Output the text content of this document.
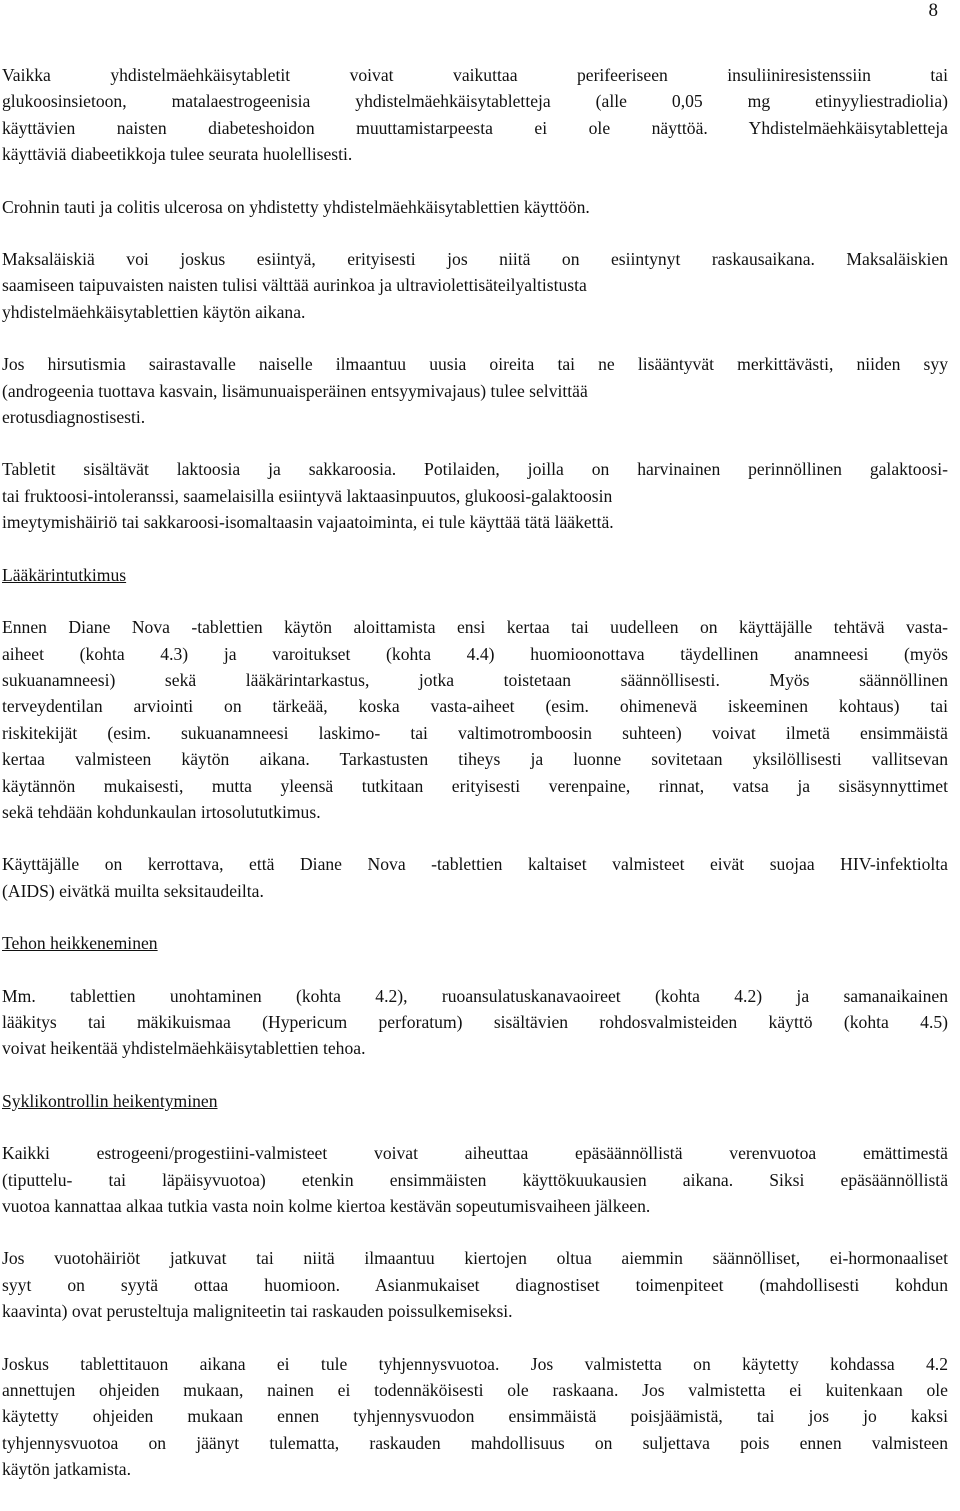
8
Vaikka yhdistelmäehkäisytabletit voivat vaikuttaa perifeeriseen insuliiniresistenssiin tai
glukoosinsietoon, matalaestrogeenisia yhdistelmäehkäisytabletteja (alle 0,05 mg etinyyliestradiolia)
käyttävien naisten diabeteshoidon muuttamistarpeesta ei ole näyttöä. Yhdistelmäehkäisytabletteja
käyttäviä diabeetikkoja tulee seurata huolellisesti.
Crohnin tauti ja colitis ulcerosa on yhdistetty yhdistelmäehkäisytablettien käyttöön.
Maksaläiskiä voi joskus esiintyä, erityisesti jos niitä on esiintynyt raskausaikana. Maksaläiskien
saamiseen taipuvaisten naisten tulisi välttää aurinkoa ja ultraviolettisäteilyaltistusta
yhdistelmäehkäisytablettien käytön aikana.
Jos hirsutismia sairastavalle naiselle ilmaantuu uusia oireita tai ne lisääntyvät merkittävästi, niiden syy
(androgeenia tuottava kasvain, lisämunuaisperäinen entsyymivajaus) tulee selvittää
erotusdiagnostisesti.
Tabletit sisältävät laktoosia ja sakkaroosia. Potilaiden, joilla on harvinainen perinnöllinen galaktoosi-
tai fruktoosi-intoleranssi, saamelaisilla esiintyvä laktaasinpuutos, glukoosi-galaktoosin
imeytymishäiriö tai sakkaroosi-isomaltaasin vajaatoiminta, ei tule käyttää tätä lääkettä.
Lääkärintutkimus
Ennen Diane Nova -tablettien käytön aloittamista ensi kertaa tai uudelleen on käyttäjälle tehtävä vasta-
aiheet (kohta 4.3) ja varoitukset (kohta 4.4) huomioonottava täydellinen anamneesi (myös
sukuanamneesi) sekä lääkärintarkastus, jotka toistetaan säännöllisesti. Myös säännöllinen
terveydentilan arviointi on tärkeää, koska vasta-aiheet (esim. ohimenevä iskeeminen kohtaus) tai
riskitekijät (esim. sukuanamneesi laskimo- tai valtimotromboosin suhteen) voivat ilmetä ensimmäistä
kertaa valmisteen käytön aikana. Tarkastusten tiheys ja luonne sovitetaan yksilöllisesti vallitsevan
käytännön mukaisesti, mutta yleensä tutkitaan erityisesti verenpaine, rinnat, vatsa ja sisäsynnyttimet
sekä tehdään kohdunkaulan irtosolututkimus.
Käyttäjälle on kerrottava, että Diane Nova -tablettien kaltaiset valmisteet eivät suojaa HIV-infektiolta
(AIDS) eivätkä muilta seksitaudeilta.
Tehon heikkeneminen
Mm. tablettien unohtaminen (kohta 4.2), ruoansulatuskanavaoireet (kohta 4.2) ja samanaikainen
lääkitys tai mäkikuismaa (Hypericum perforatum) sisältävien rohdosvalmisteiden käyttö (kohta 4.5)
voivat heikentää yhdistelmäehkäisytablettien tehoa.
Syklikontrollin heikentyminen
Kaikki estrogeeni/progestiini-valmisteet voivat aiheuttaa epäsäännöllistä verenvuotoa emättimestä
(tiputtelu- tai läpäisyvuotoa) etenkin ensimmäisten käyttökuukausien aikana. Siksi epäsäännöllistä
vuotoa kannattaa alkaa tutkia vasta noin kolme kiertoa kestävän sopeutumisvaiheen jälkeen.
Jos vuotohäiriöt jatkuvat tai niitä ilmaantuu kiertojen oltua aiemmin säännölliset, ei-hormonaaliset
syyt on syytä ottaa huomioon. Asianmukaiset diagnostiset toimenpiteet (mahdollisesti kohdun
kaavinta) ovat perusteltuja maligniteetin tai raskauden poissulkemiseksi.
Joskus tablettitauon aikana ei tule tyhjennysvuotoa. Jos valmistetta on käytetty kohdassa 4.2
annettujen ohjeiden mukaan, nainen ei todennäköisesti ole raskaana. Jos valmistetta ei kuitenkaan ole
käytetty ohjeiden mukaan ennen tyhjennysvuodon ensimmäistä poisjäämistä, tai jos jo kaksi
tyhjennysvuotoa on jäänyt tulematta, raskauden mahdollisuus on suljettava pois ennen valmisteen
käytön jatkamista.
